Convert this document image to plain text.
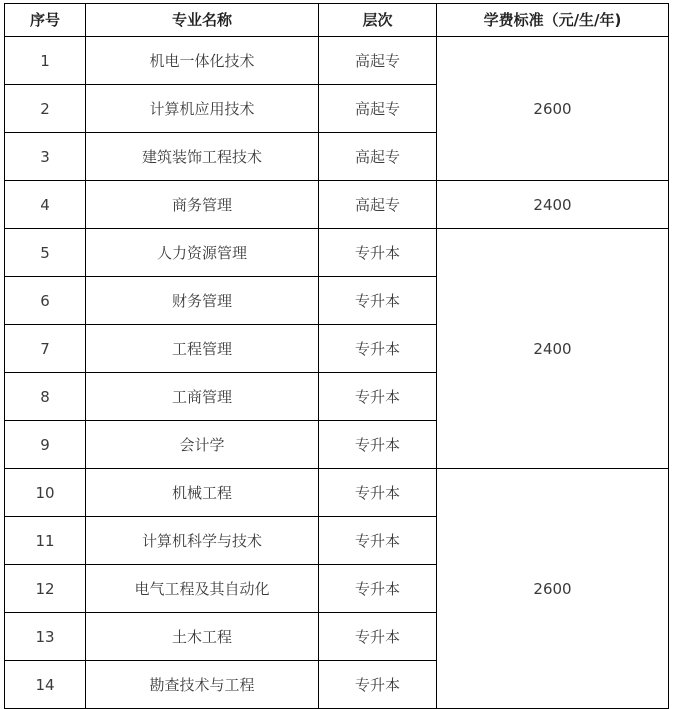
序号	专业名称	层次	学费标准（元/生/年)
1	机电一体化技术	高起专	2600
2	计算机应用技术	高起专	
3	建筑装饰工程技术	高起专	
4	商务管理	高起专	2400
5	人力资源管理	专升本	2400
6	财务管理	专升本	
7	工程管理	专升本	
8	工商管理	专升本	
9	会计学	专升本	
10	机械工程	专升本	2600
11	计算机科学与技术	专升本	
12	电气工程及其自动化	专升本	
13	土木工程	专升本	
14	勘查技术与工程	专升本	
